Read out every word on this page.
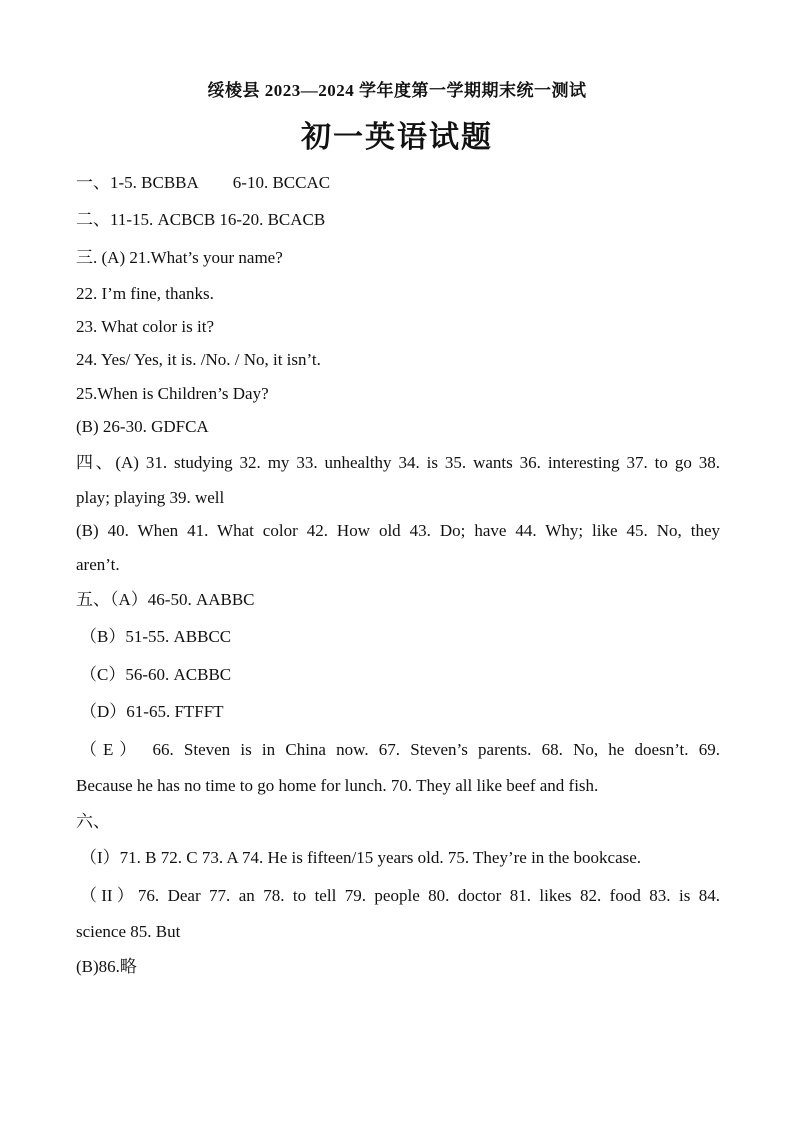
绥棱县 2023—2024 学年度第一学期期末统一测试
初一英语试题
一、1-5. BCBBA 6-10. BCCAC
二、11-15. ACBCB 16-20. BCACB
三. (A) 21.What’s your name?
22. I’m fine, thanks.
23. What color is it?
24. Yes/ Yes, it is. /No. / No, it isn’t.
25.When is Children’s Day?
(B) 26-30. GDFCA
四、(A) 31. studying 32. my 33. unhealthy 34. is 35. wants 36. interesting 37. to go 38.
play; playing 39. well
(B) 40. When 41. What color 42. How old 43. Do; have 44. Why; like 45. No, they
aren’t.
五、（A）46-50. AABBC
（B）51-55. ABBCC
（C）56-60. ACBBC
（D）61-65. FTFFT
（E） 66. Steven is in China now. 67. Steven’s parents. 68. No, he doesn’t. 69.
Because he has no time to go home for lunch. 70. They all like beef and fish.
六、
（I）71. B 72. C 73. A 74. He is fifteen/15 years old. 75. They’re in the bookcase.
（II）76. Dear 77. an 78. to tell 79. people 80. doctor 81. likes 82. food 83. is 84.
science 85. But
(B)86.略
